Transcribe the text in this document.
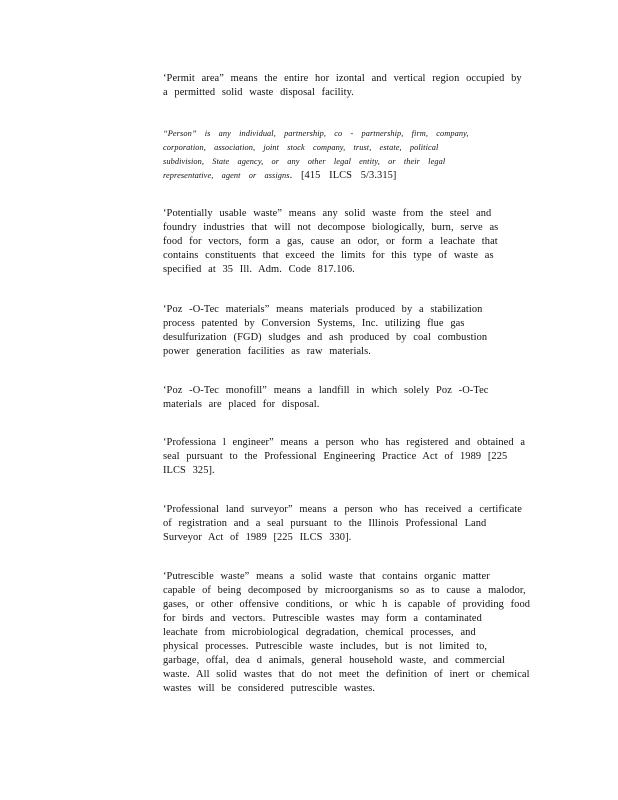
‘Permit area” means the entire hor izontal and vertical region occupied by
a permitted solid waste disposal facility.
“Person” is any individual, partnership, co - partnership, firm, company,
corporation, association, joint stock company, trust, estate, political
subdivision, State agency, or any other legal entity, or their legal
representative, agent or assigns. [415 ILCS 5/3.315]
‘Potentially usable waste” means any solid waste from the steel and
foundry industries that will not decompose biologically, burn, serve as
food for vectors, form a gas, cause an odor, or form a leachate that
contains constituents that exceed the limits for this type of waste as
specified at 35 Ill. Adm. Code 817.106.
‘Poz -O-Tec materials” means materials produced by a stabilization
process patented by Conversion Systems, Inc. utilizing flue gas
desulfurization (FGD) sludges and ash produced by coal combustion
power generation facilities as raw materials.
‘Poz -O-Tec monofill” means a landfill in which solely Poz -O-Tec
materials are placed for disposal.
‘Professiona l engineer” means a person who has registered and obtained a
seal pursuant to the Professional Engineering Practice Act of 1989 [225
ILCS 325].
‘Professional land surveyor” means a person who has received a certificate
of registration and a seal pursuant to the Illinois Professional Land
Surveyor Act of 1989 [225 ILCS 330].
‘Putrescible waste” means a solid waste that contains organic matter
capable of being decomposed by microorganisms so as to cause a malodor,
gases, or other offensive conditions, or whic h is capable of providing food
for birds and vectors. Putrescible wastes may form a contaminated
leachate from microbiological degradation, chemical processes, and
physical processes. Putrescible waste includes, but is not limited to,
garbage, offal, dea d animals, general household waste, and commercial
waste. All solid wastes that do not meet the definition of inert or chemical
wastes will be considered putrescible wastes.
